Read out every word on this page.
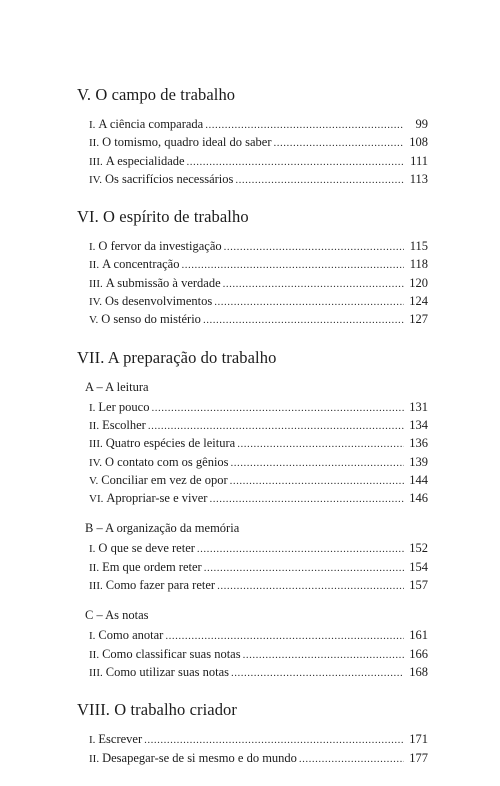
V. O campo de trabalho
I. A ciência comparada .....	99
II. O tomismo, quadro ideal do saber .....	108
III. A especialidade .....	111
IV. Os sacrifícios necessários .....	113
VI. O espírito de trabalho
I. O fervor da investigação .....	115
II. A concentração .....	118
III. A submissão à verdade .....	120
IV. Os desenvolvimentos .....	124
V. O senso do mistério .....	127
VII. A preparação do trabalho
A – A leitura
I. Ler pouco .....	131
II. Escolher .....	134
III. Quatro espécies de leitura .....	136
IV. O contato com os gênios .....	139
V. Conciliar em vez de opor .....	144
VI. Apropriar-se e viver .....	146
B – A organização da memória
I. O que se deve reter .....	152
II. Em que ordem reter .....	154
III. Como fazer para reter .....	157
C – As notas
I. Como anotar .....	161
II. Como classificar suas notas .....	166
III. Como utilizar suas notas .....	168
VIII. O trabalho criador
I. Escrever .....	171
II. Desapegar-se de si mesmo e do mundo .....	177
